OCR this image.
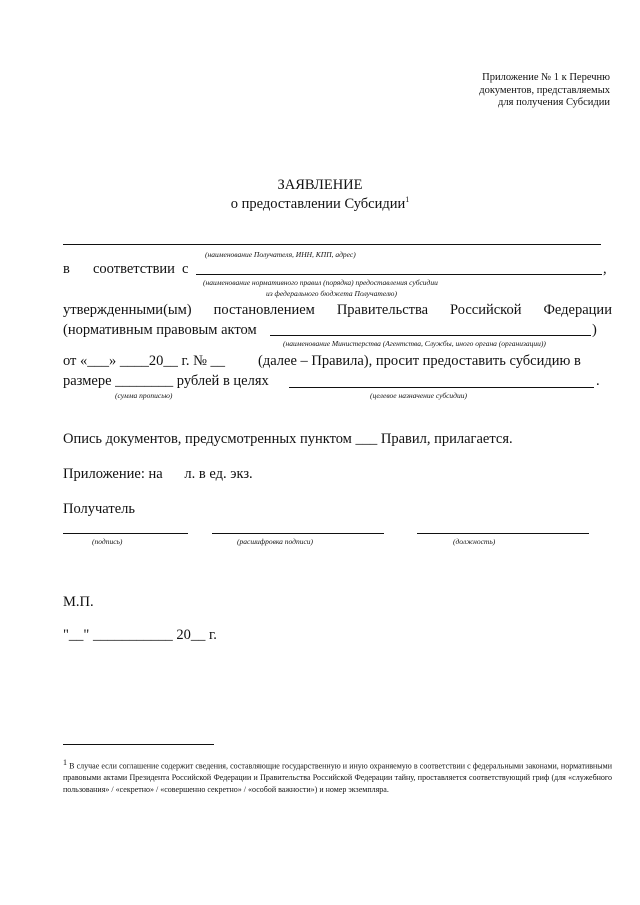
Приложение № 1 к Перечню
документов, представляемых
для получения Субсидии
ЗАЯВЛЕНИЕ
о предоставлении Субсидии$^1$
(наименование Получателя, ИНН, КПП, адрес)
в соответствии с	,
(наименование нормативного правил (порядка) предоставления субсидии
из федерального бюджета Получателю)
утвержденными(ым) постановлением Правительства Российской Федерации
(нормативным правовым актом	)
(наименование Министерства (Агентства, Службы, иного органа (организации))
от «___» ____20__ г. № __ (далее – Правила), просит предоставить субсидию в
размере ________ рублей в целях	.
(сумма прописью)	(целевое назначение субсидии)
Опись документов, предусмотренных пунктом ___ Правил, прилагается.
Приложение: на      л. в ед. экз.
Получатель
(подпись)	(расшифровка подписи)	(должность)
М.П.
"__" ___________ 20__ г.
$^1$ В случае если соглашение содержит сведения, составляющие государственную и иную охраняемую в соответствии с федеральными законами, нормативными правовыми актами Президента Российской Федерации и Правительства Российской Федерации тайну, проставляется соответствующий гриф (для «служебного пользования» / «секретно» / «совершенно секретно» / «особой важности») и номер экземпляра.
